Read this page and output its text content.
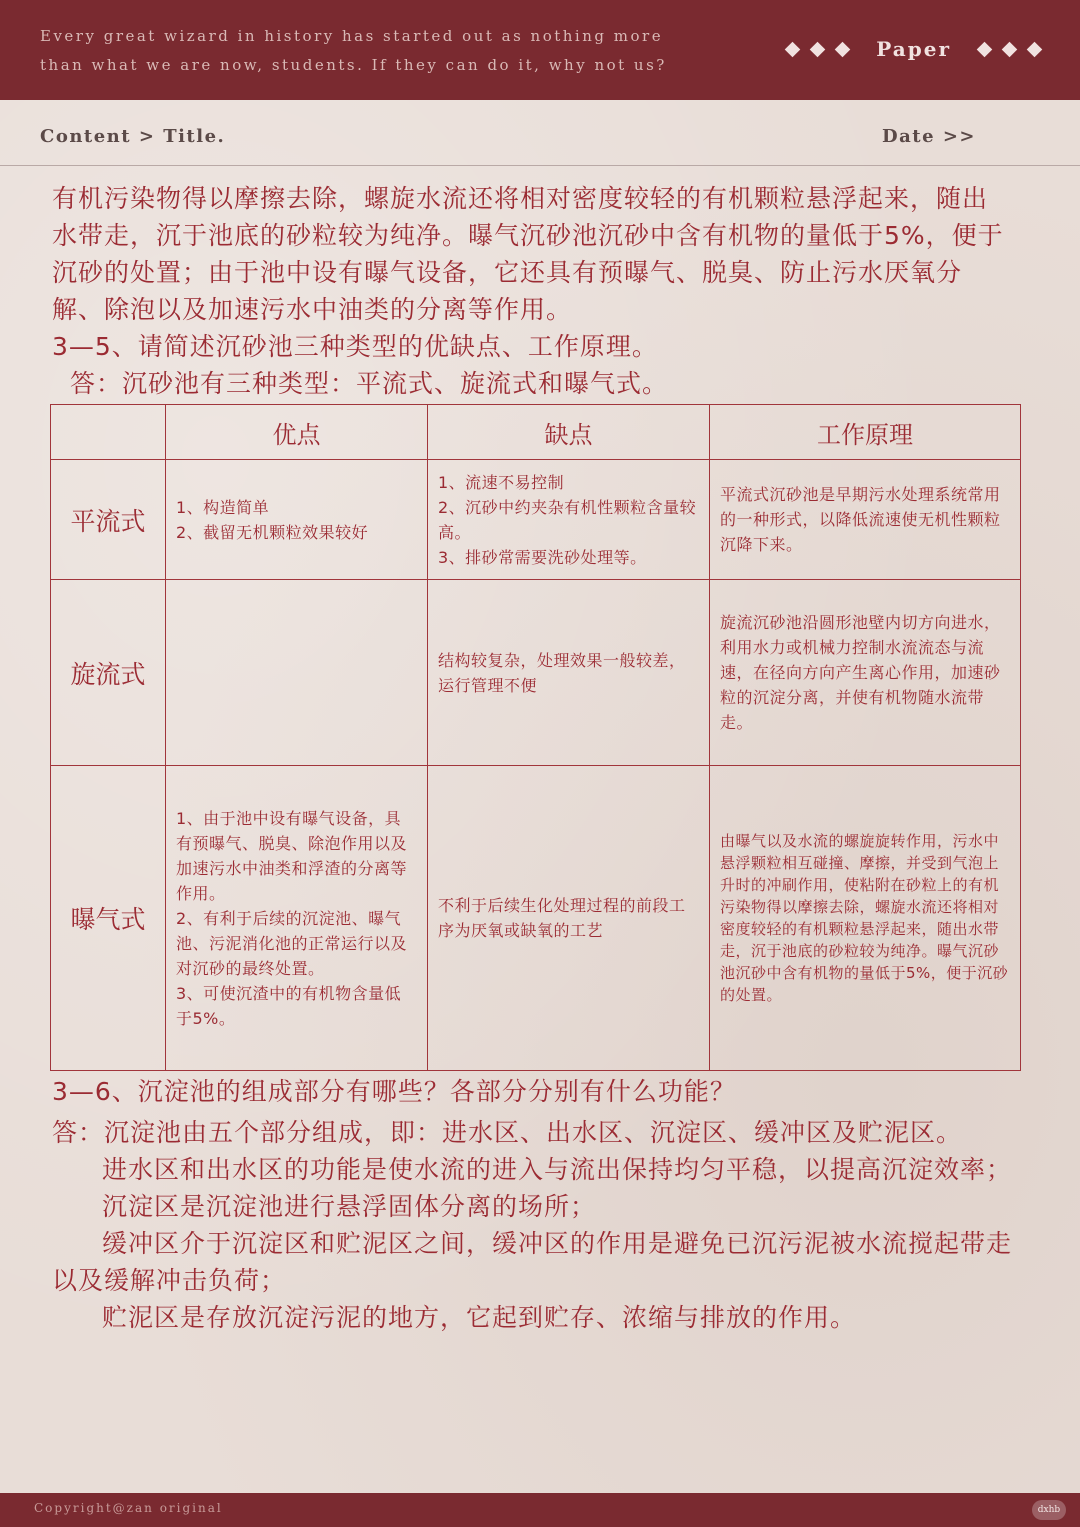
Every great wizard in history has started out as nothing more
than what we are now, students. If they can do it, why not us?
Paper
Content > Title.	Date >>

有机污染物得以摩擦去除，螺旋水流还将相对密度较轻的有机颗粒悬浮起来，随出水带走，沉于池底的砂粒较为纯净。曝气沉砂池沉砂中含有机物的量低于5%，便于沉砂的处置；由于池中设有曝气设备，它还具有预曝气、脱臭、防止污水厌氧分解、除泡以及加速污水中油类的分离等作用。

3—5、请简述沉砂池三种类型的优缺点、工作原理。

答：沉砂池有三种类型：平流式、旋流式和曝气式。

	优点	缺点	工作原理
平流式	1、构造简单
2、截留无机颗粒效果较好	1、流速不易控制
2、沉砂中约夹杂有机性颗粒含量较高。
3、排砂常需要洗砂处理等。	平流式沉砂池是早期污水处理系统常用的一种形式，以降低流速使无机性颗粒沉降下来。
旋流式		结构较复杂，处理效果一般较差，运行管理不便	旋流沉砂池沿圆形池壁内切方向进水，利用水力或机械力控制水流流态与流速，在径向方向产生离心作用，加速砂粒的沉淀分离，并使有机物随水流带走。
曝气式	1、由于池中设有曝气设备，具有预曝气、脱臭、除泡作用以及加速污水中油类和浮渣的分离等作用。
2、有利于后续的沉淀池、曝气池、污泥消化池的正常运行以及对沉砂的最终处置。
3、可使沉渣中的有机物含量低于5%。	不利于后续生化处理过程的前段工序为厌氧或缺氧的工艺	由曝气以及水流的螺旋旋转作用，污水中悬浮颗粒相互碰撞、摩擦，并受到气泡上升时的冲刷作用，使粘附在砂粒上的有机污染物得以摩擦去除，螺旋水流还将相对密度较轻的有机颗粒悬浮起来，随出水带走，沉于池底的砂粒较为纯净。曝气沉砂池沉砂中含有机物的量低于5%，便于沉砂的处置。

3—6、沉淀池的组成部分有哪些？各部分分别有什么功能？

答：沉淀池由五个部分组成，即：进水区、出水区、沉淀区、缓冲区及贮泥区。

进水区和出水区的功能是使水流的进入与流出保持均匀平稳，以提高沉淀效率；

沉淀区是沉淀池进行悬浮固体分离的场所；

缓冲区介于沉淀区和贮泥区之间，缓冲区的作用是避免已沉污泥被水流搅起带走以及缓解冲击负荷；

贮泥区是存放沉淀污泥的地方，它起到贮存、浓缩与排放的作用。

Copyright@zan original	dxhb
